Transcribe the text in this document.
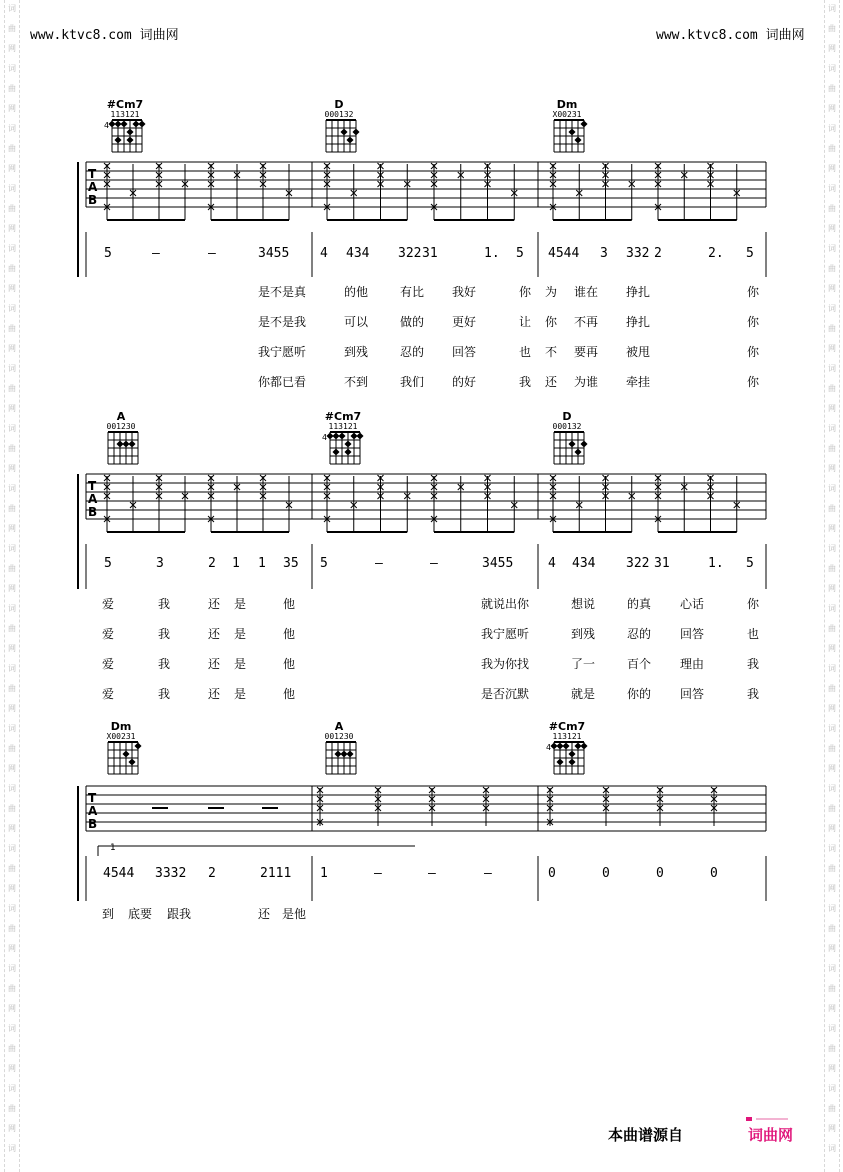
词
曲
网
词
曲
网
词
曲
网
词
曲
网
词
曲
网
词
曲
网
词
曲
网
词
曲
网
词
曲
网
词
曲
网
词
曲
网
词
曲
网
词
曲
网
词
曲
网
词
曲
网
词
曲
网
词
曲
网
词
曲
网
词
曲
网
词
词
曲
网
词
曲
网
词
曲
网
词
曲
网
词
曲
网
词
曲
网
词
曲
网
词
曲
网
词
曲
网
词
曲
网
词
曲
网
词
曲
网
词
曲
网
词
曲
网
词
曲
网
词
曲
网
词
曲
网
词
曲
网
词
曲
网
词
www.ktvc8.com 词曲网	www.ktvc8.com 词曲网
#Cm7
113121
4
D
000132
Dm
X00231
A
001230
#Cm7
113121
4
D
000132
Dm
X00231
A
001230
#Cm7
113121
4
T
A
B
T
A
B
T
A
B
1
5	—	—	3455 4 434 322 31	1. 5 4544 3 332 2	2. 5
5	3	2 1 1 35 5	—	—	3455	4 434 322 31	1. 5
4544 3332 2	2111 1	—	—	—	0	0	0	0
是不是真	的他	有比 我好	你 为 谁在 挣扎	你
是不是我	可以	做的 更好	让 你 不再 挣扎	你
我宁愿听	到残	忍的 回答	也 不 要再 被甩	你
你都已看	不到	我们 的好	我 还 为谁 牵挂	你
爱	我	还 是	他	就说出你	想说	的真 心话	你
爱	我	还 是	他	我宁愿听	到残	忍的 回答	也
爱	我	还 是	他	我为你找	了一	百个 理由	我
爱	我	还 是	他	是否沉默	就是	你的 回答	我
到 底要 跟我	还 是他
本曲谱源自	词曲网
